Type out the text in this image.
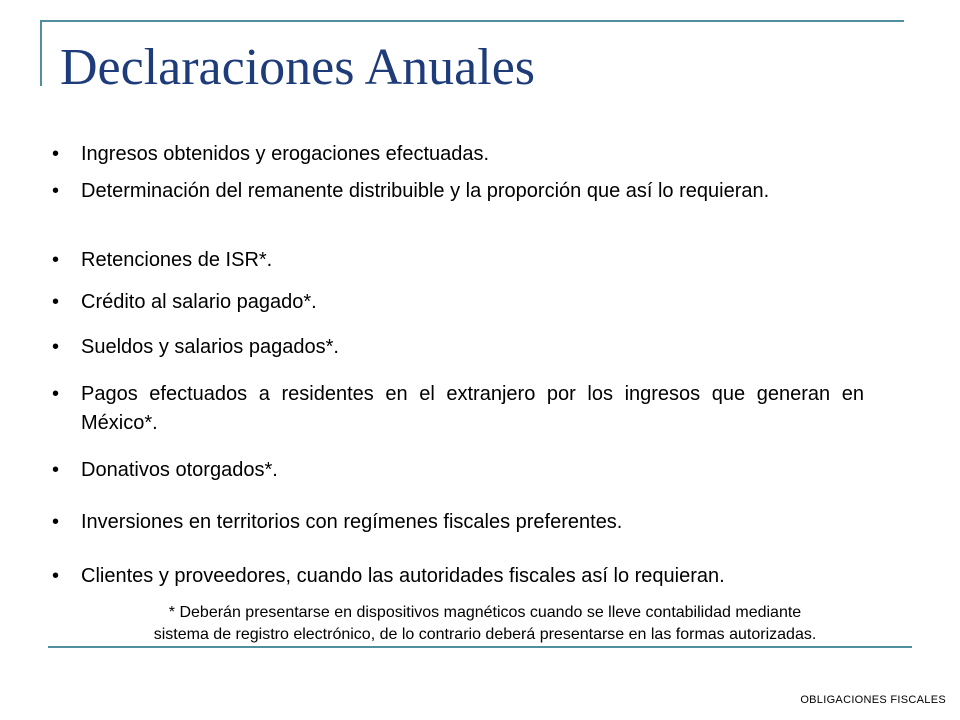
Declaraciones Anuales
• Ingresos obtenidos y erogaciones efectuadas.
• Determinación del remanente distribuible y la proporción que así lo requieran.
• Retenciones de ISR*.
• Crédito al salario pagado*.
• Sueldos y salarios pagados*.
• Pagos efectuados a residentes en el extranjero por los ingresos que generan en México*.
• Donativos otorgados*.
• Inversiones en territorios con regímenes fiscales preferentes.
• Clientes y proveedores, cuando las autoridades fiscales así lo requieran.

* Deberán presentarse en dispositivos magnéticos cuando se lleve contabilidad mediante
sistema de registro electrónico, de lo contrario deberá presentarse en las formas autorizadas.

OBLIGACIONES FISCALES
